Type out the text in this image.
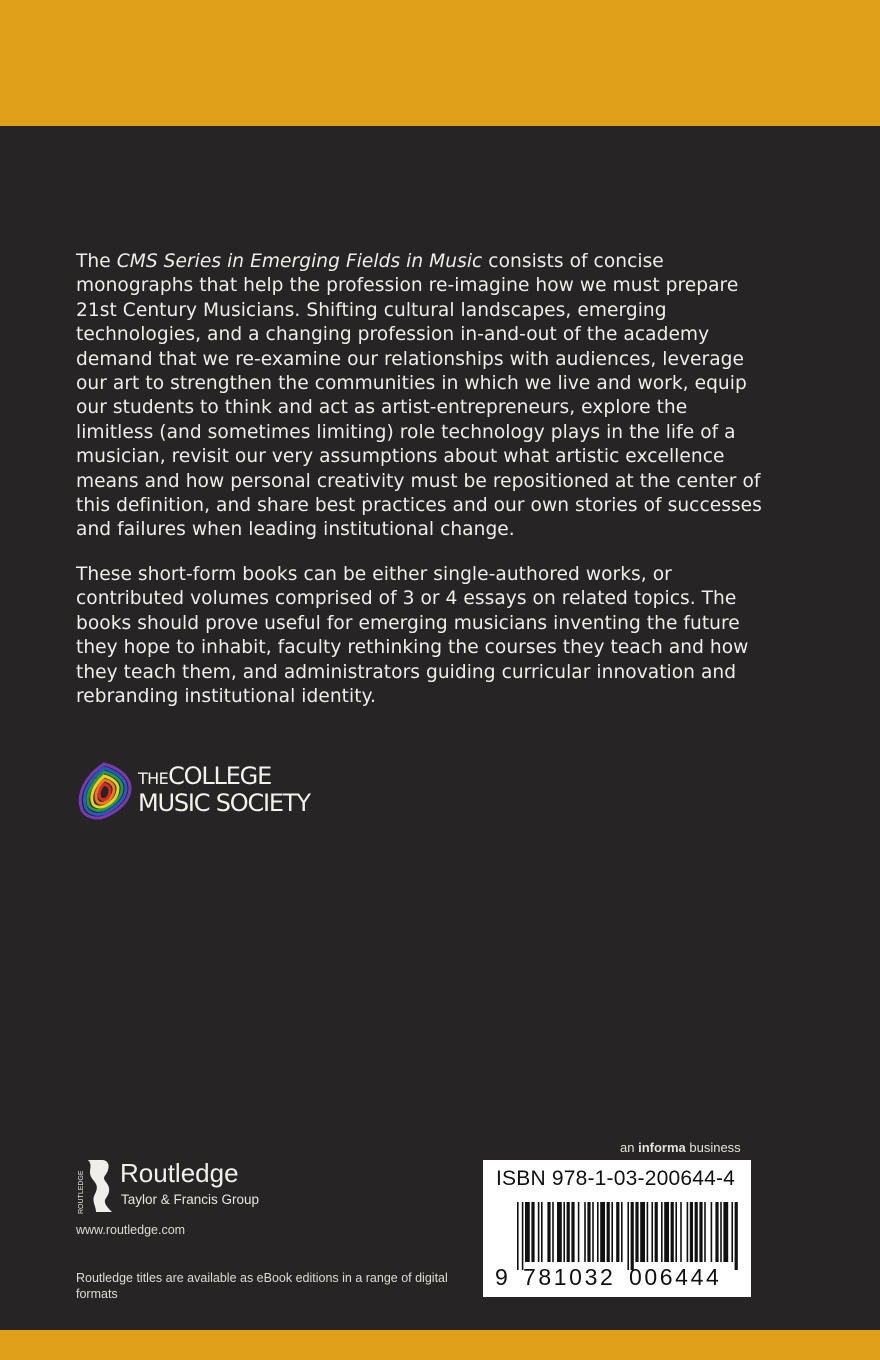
The CMS Series in Emerging Fields in Music consists of concise monographs that help the profession re-imagine how we must prepare 21st Century Musicians. Shifting cultural landscapes, emerging technologies, and a changing profession in-and-out of the academy demand that we re-examine our relationships with audiences, leverage our art to strengthen the communities in which we live and work, equip our students to think and act as artist-entrepreneurs, explore the limitless (and sometimes limiting) role technology plays in the life of a musician, revisit our very assumptions about what artistic excellence means and how personal creativity must be repositioned at the center of this definition, and share best practices and our own stories of successes and failures when leading institutional change.

These short-form books can be either single-authored works, or contributed volumes comprised of 3 or 4 essays on related topics. The books should prove useful for emerging musicians inventing the future they hope to inhabit, faculty rethinking the courses they teach and how they teach them, and administrators guiding curricular innovation and rebranding institutional identity.

THECOLLEGE
MUSIC SOCIETY
ROUTLEDGE Routledge
Taylor & Francis Group
www.routledge.com
Routledge titles are available as eBook editions in a range of digital formats
an informa business
ISBN 978-1-03-200644-4
9 781032 006444
